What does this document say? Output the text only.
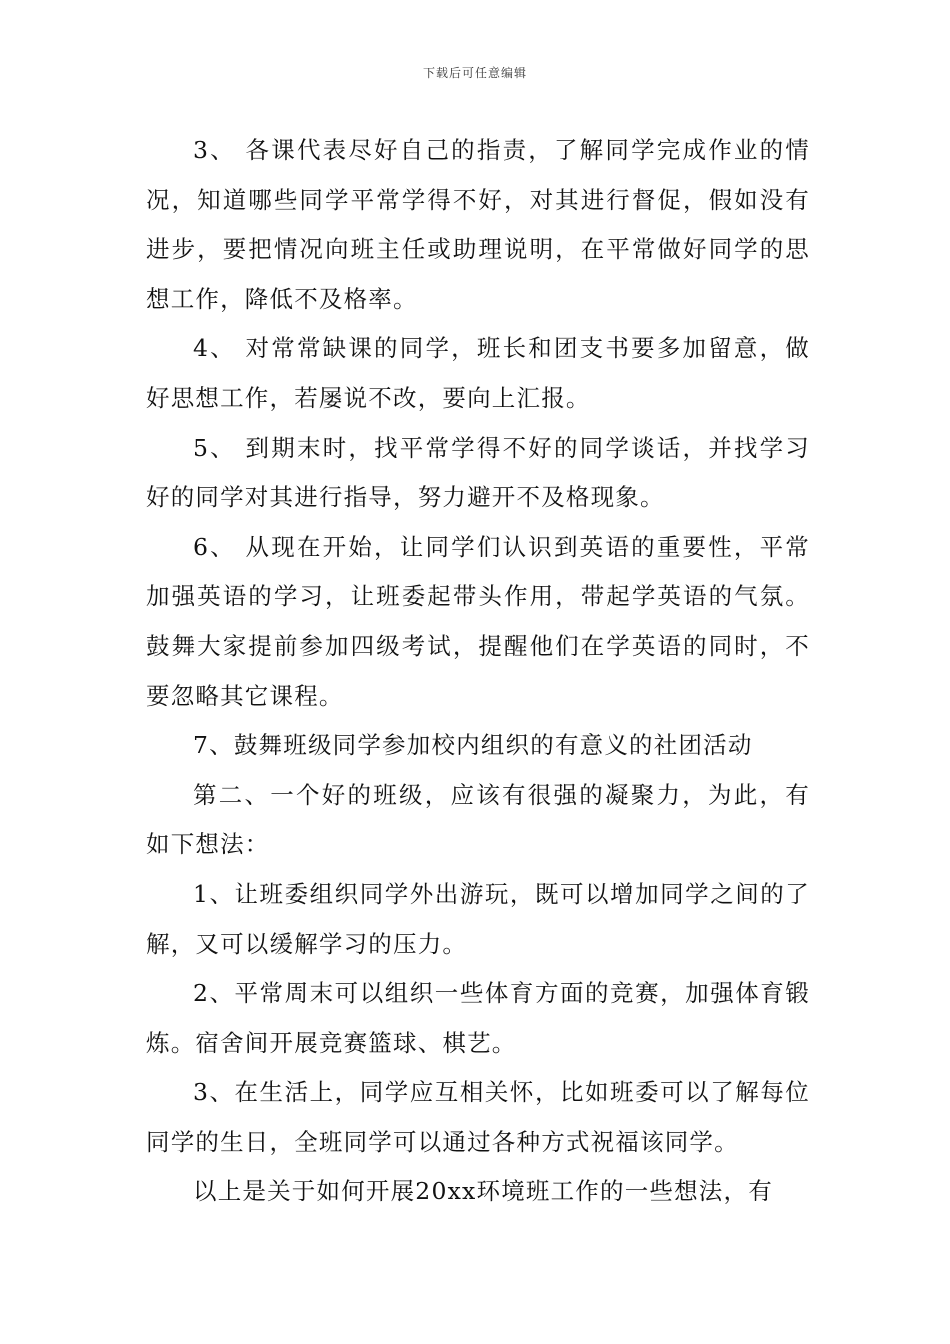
下载后可任意编辑

3、 各课代表尽好自己的指责，了解同学完成作业的情况，知道哪些同学平常学得不好，对其进行督促，假如没有进步，要把情况向班主任或助理说明，在平常做好同学的思想工作，降低不及格率。

4、 对常常缺课的同学，班长和团支书要多加留意，做好思想工作，若屡说不改，要向上汇报。

5、 到期末时，找平常学得不好的同学谈话，并找学习好的同学对其进行指导，努力避开不及格现象。

6、 从现在开始，让同学们认识到英语的重要性，平常加强英语的学习，让班委起带头作用，带起学英语的气氛。鼓舞大家提前参加四级考试，提醒他们在学英语的同时，不要忽略其它课程。

7、鼓舞班级同学参加校内组织的有意义的社团活动

第二、一个好的班级，应该有很强的凝聚力，为此，有如下想法：

1、让班委组织同学外出游玩，既可以增加同学之间的了解，又可以缓解学习的压力。

2、平常周末可以组织一些体育方面的竞赛，加强体育锻炼。宿舍间开展竞赛篮球、棋艺。

3、在生活上，同学应互相关怀，比如班委可以了解每位同学的生日，全班同学可以通过各种方式祝福该同学。

以上是关于如何开展20xx环境班工作的一些想法，有
